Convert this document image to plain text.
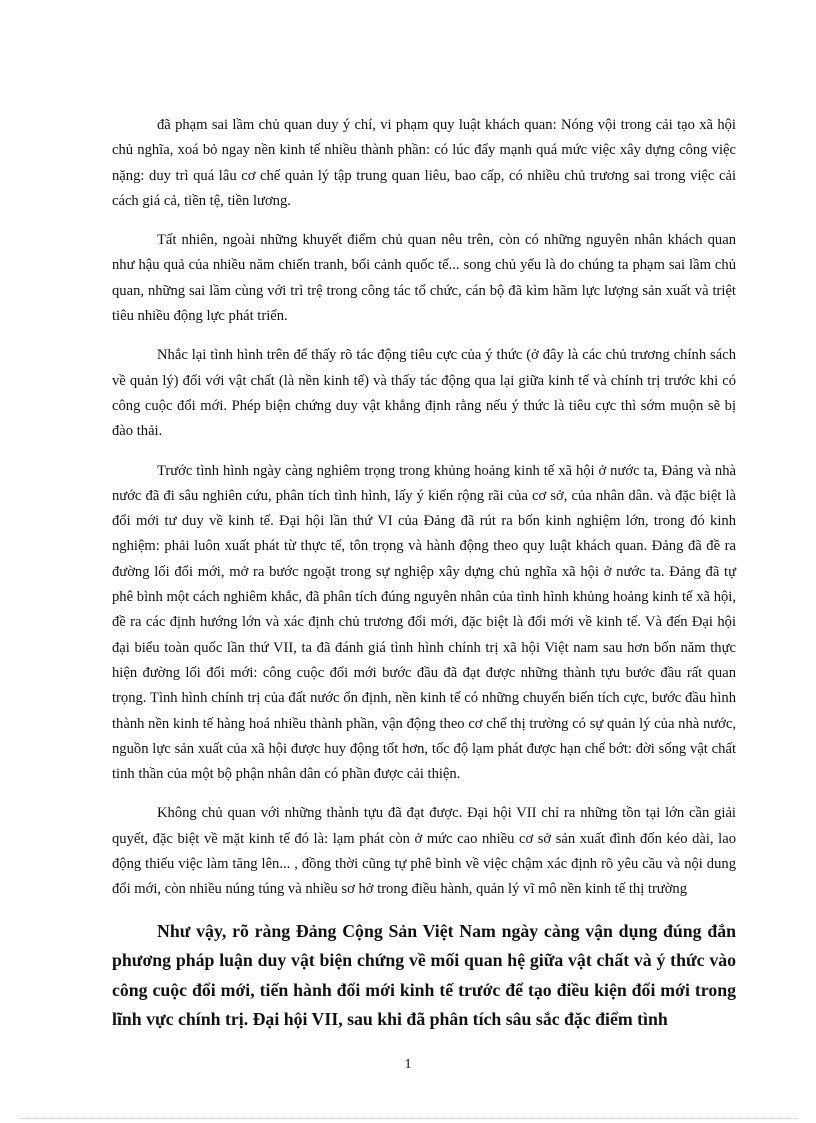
đã phạm sai lầm chủ quan duy ý chí, vi phạm quy luật khách quan: Nóng vội trong cải tạo xã hội chủ nghĩa, xoá bỏ ngay nền kinh tế nhiều thành phần: có lúc đẩy mạnh quá mức việc xây dựng công việc nặng: duy trì quá lâu cơ chế quản lý tập trung quan liêu, bao cấp, có nhiều chủ trương sai trong việc cải cách giá cả, tiền tệ, tiền lương.

Tất nhiên, ngoài những khuyết điểm chủ quan nêu trên, còn có những nguyên nhân khách quan như hậu quả của nhiều năm chiến tranh, bối cảnh quốc tế... song chủ yếu là do chúng ta phạm sai lầm chủ quan, những sai lầm cùng với trì trệ trong công tác tổ chức, cán bộ đã kìm hãm lực lượng sản xuất và triệt tiêu nhiều động lực phát triển.

Nhắc lại tình hình trên để thấy rõ tác động tiêu cực của ý thức (ở đây là các chủ trương chính sách về quản lý) đối với vật chất (là nền kinh tế) và thấy tác động qua lại giữa kinh tế và chính trị trước khi có công cuộc đổi mới. Phép biện chứng duy vật khẳng định rằng nếu ý thức là tiêu cực thì sớm muộn sẽ bị đào thải.

Trước tình hình ngày càng nghiêm trọng trong khủng hoảng kinh tế xã hội ở nước ta, Đảng và nhà nước đã đi sâu nghiên cứu, phân tích tình hình, lấy ý kiến rộng rãi của cơ sở, của nhân dân. và đặc biệt là đổi mới tư duy về kinh tế. Đại hội lần thứ VI của Đảng đã rút ra bốn kinh nghiệm lớn, trong đó kinh nghiệm: phải luôn xuất phát từ thực tế, tôn trọng và hành động theo quy luật khách quan. Đảng đã đề ra đường lối đổi mới, mở ra bước ngoặt trong sự nghiệp xây dựng chủ nghĩa xã hội ở nước ta. Đảng đã tự phê bình một cách nghiêm khắc, đã phân tích đúng nguyên nhân của tình hình khủng hoảng kinh tế xã hội, đề ra các định hướng lớn và xác định chủ trương đổi mới, đặc biệt là đổi mới về kinh tế. Và đến Đại hội đại biểu toàn quốc lần thứ VII, ta đã đánh giá tình hình chính trị xã hội Việt nam sau hơn bốn năm thực hiện đường lối đổi mới: công cuộc đổi mới bước đầu đã đạt được những thành tựu bước đầu rất quan trọng. Tình hình chính trị của đất nước ổn định, nền kinh tế có những chuyển biến tích cực, bước đầu hình thành nền kinh tế hàng hoá nhiều thành phần, vận động theo cơ chế thị trường có sự quản lý của nhà nước, nguồn lực sản xuất của xã hội được huy động tốt hơn, tốc độ lạm phát được hạn chế bớt: đời sống vật chất tinh thần của một bộ phận nhân dân có phần được cải thiện.

Không chủ quan với những thành tựu đã đạt được. Đại hội VII chỉ ra những tồn tại lớn cần giải quyết, đặc biệt về mặt kinh tế đó là: lạm phát còn ở mức cao nhiều cơ sở sản xuất đình đốn kéo dài, lao động thiếu việc làm tăng lên... , đồng thời cũng tự phê bình về việc chậm xác định rõ yêu cầu và nội dung đổi mới, còn nhiều núng túng và nhiều sơ hở trong điều hành, quản lý vĩ mô nền kinh tế thị trường

Như vậy, rõ ràng Đảng Cộng Sản Việt Nam ngày càng vận dụng đúng đắn phương pháp luận duy vật biện chứng về mối quan hệ giữa vật chất và ý thức vào công cuộc đổi mới, tiến hành đổi mới kinh tế trước để tạo điều kiện đổi mới trong lĩnh vực chính trị. Đại hội VII, sau khi đã phân tích sâu sắc đặc điểm tình

1
